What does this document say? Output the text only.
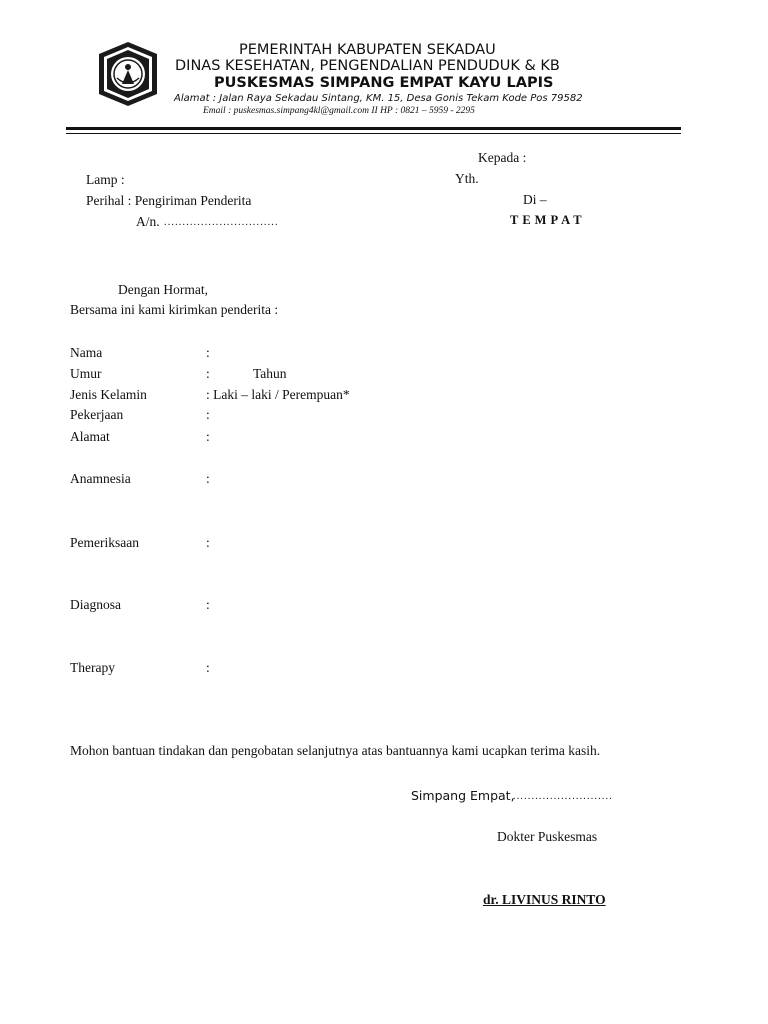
PEMERINTAH KABUPATEN SEKADAU
DINAS KESEHATAN, PENGENDALIAN PENDUDUK & KB
PUSKESMAS SIMPANG EMPAT KAYU LAPIS
Alamat : Jalan Raya Sekadau Sintang, KM. 15, Desa Gonis Tekam Kode Pos 79582
Email : puskesmas.simpang4kl@gmail.com II HP : 0821 – 5959 - 2295
Kepada :
Yth.
Di –
TEMPAT
Lamp :
Perihal : Pengiriman Penderita
A/n. ...............................
Dengan Hormat,
Bersama ini kami kirimkan penderita :
Nama	:
Umur	:	Tahun
Jenis Kelamin	: Laki – laki / Perempuan*
Pekerjaan	:
Alamat	:
Anamnesia	:
Pemeriksaan	:
Diagnosa	:
Therapy	:
Mohon bantuan tindakan dan pengobatan selanjutnya atas bantuannya kami ucapkan terima kasih.
Simpang Empat,
...........................
Dokter Puskesmas
dr. LIVINUS RINTO
